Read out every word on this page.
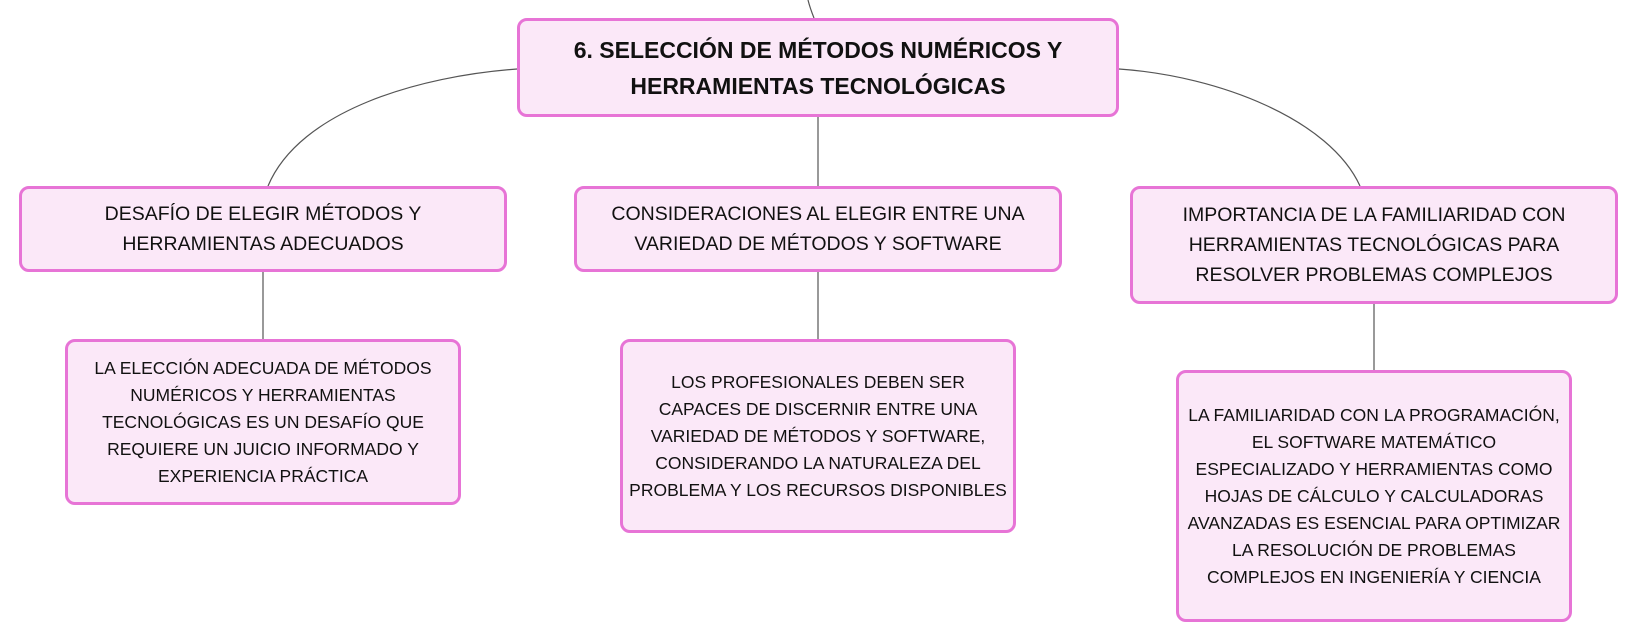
6. SELECCIÓN DE MÉTODOS NUMÉRICOS Y HERRAMIENTAS TECNOLÓGICAS
DESAFÍO DE ELEGIR MÉTODOS Y HERRAMIENTAS ADECUADOS
CONSIDERACIONES AL ELEGIR ENTRE UNA VARIEDAD DE MÉTODOS Y SOFTWARE
IMPORTANCIA DE LA FAMILIARIDAD CON HERRAMIENTAS TECNOLÓGICAS PARA RESOLVER PROBLEMAS COMPLEJOS
LA ELECCIÓN ADECUADA DE MÉTODOS NUMÉRICOS Y HERRAMIENTAS TECNOLÓGICAS ES UN DESAFÍO QUE REQUIERE UN JUICIO INFORMADO Y EXPERIENCIA PRÁCTICA
LOS PROFESIONALES DEBEN SER CAPACES DE DISCERNIR ENTRE UNA VARIEDAD DE MÉTODOS Y SOFTWARE, CONSIDERANDO LA NATURALEZA DEL PROBLEMA Y LOS RECURSOS DISPONIBLES
LA FAMILIARIDAD CON LA PROGRAMACIÓN, EL SOFTWARE MATEMÁTICO ESPECIALIZADO Y HERRAMIENTAS COMO HOJAS DE CÁLCULO Y CALCULADORAS AVANZADAS ES ESENCIAL PARA OPTIMIZAR LA RESOLUCIÓN DE PROBLEMAS COMPLEJOS EN INGENIERÍA Y CIENCIA
